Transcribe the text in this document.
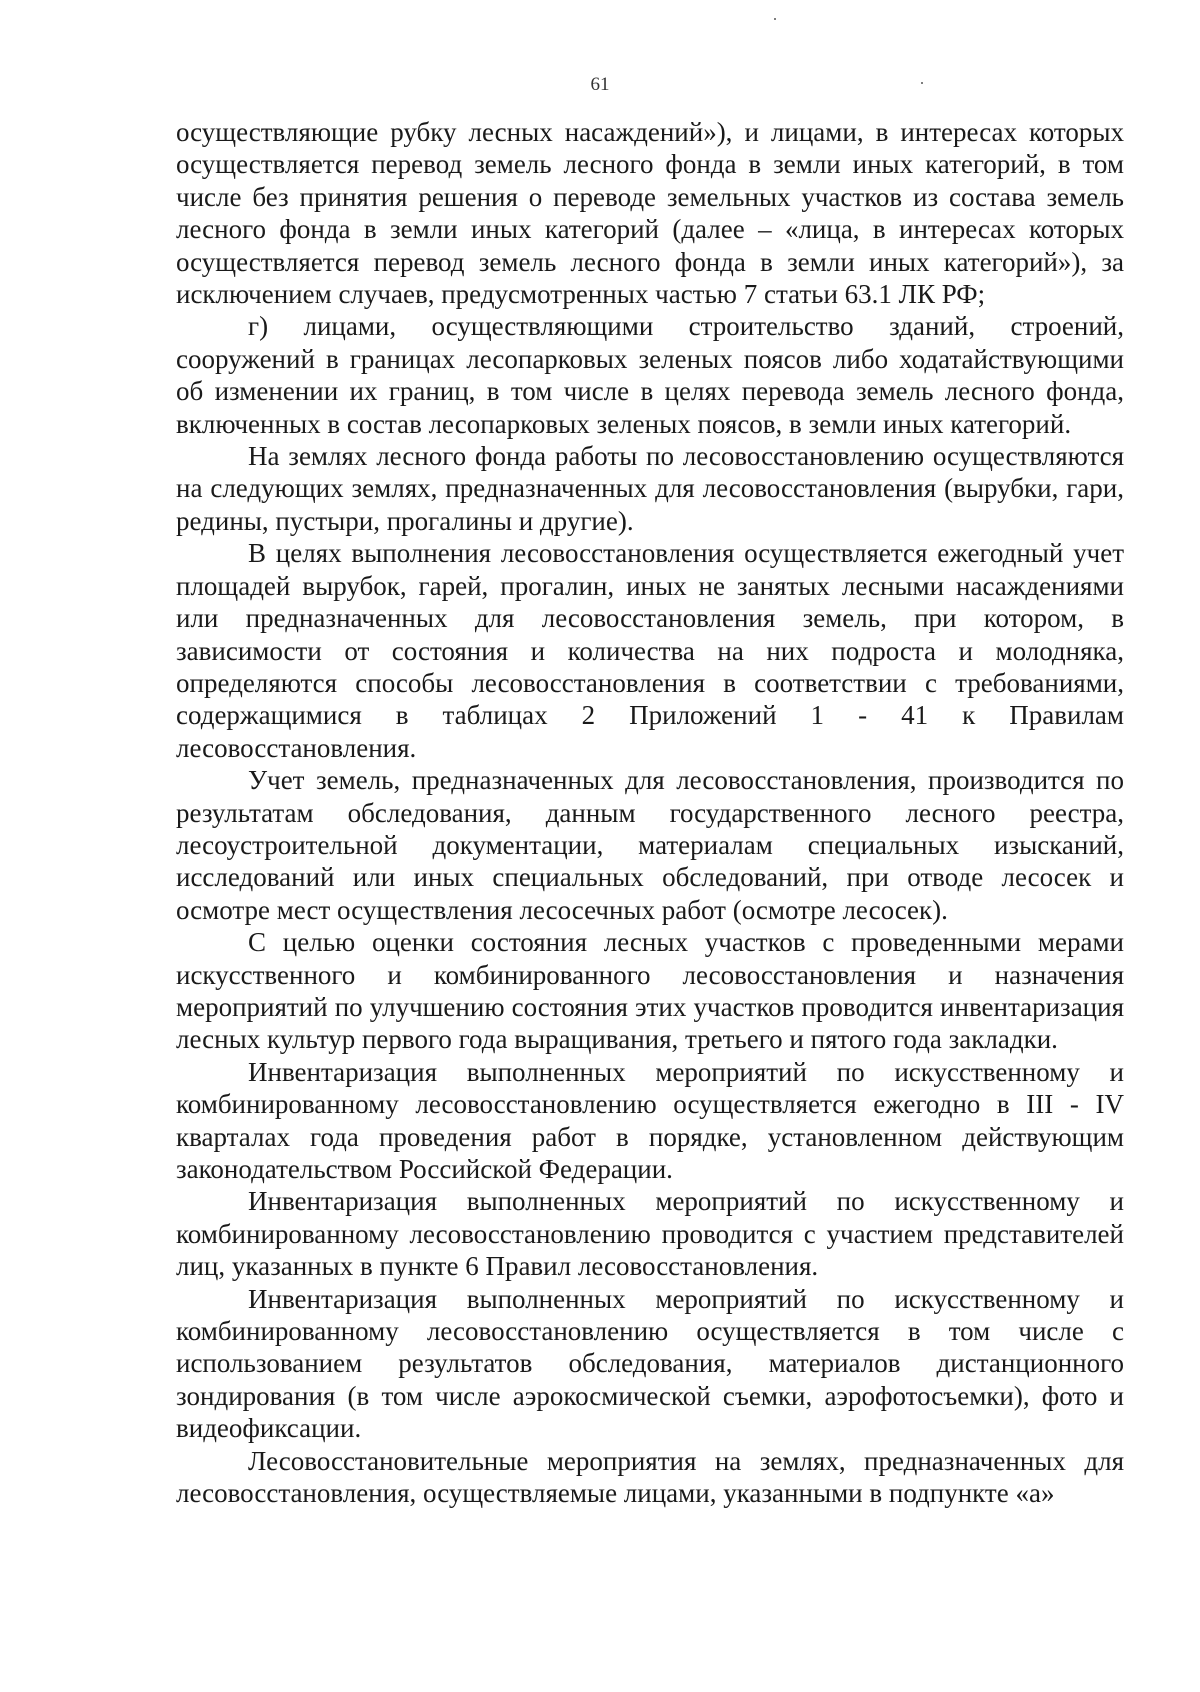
61

осуществляющие рубку лесных насаждений»), и лицами, в интересах которых осуществляется перевод земель лесного фонда в земли иных категорий, в том числе без принятия решения о переводе земельных участков из состава земель лесного фонда в земли иных категорий (далее – «лица, в интересах которых осуществляется перевод земель лесного фонда в земли иных категорий»), за исключением случаев, предусмотренных частью 7 статьи 63.1 ЛК РФ;

г) лицами, осуществляющими строительство зданий, строений, сооружений в границах лесопарковых зеленых поясов либо ходатайствующими об изменении их границ, в том числе в целях перевода земель лесного фонда, включенных в состав лесопарковых зеленых поясов, в земли иных категорий.

На землях лесного фонда работы по лесовосстановлению осуществляются на следующих землях, предназначенных для лесовосстановления (вырубки, гари, редины, пустыри, прогалины и другие).

В целях выполнения лесовосстановления осуществляется ежегодный учет площадей вырубок, гарей, прогалин, иных не занятых лесными насаждениями или предназначенных для лесовосстановления земель, при котором, в зависимости от состояния и количества на них подроста и молодняка, определяются способы лесовосстановления в соответствии с требованиями, содержащимися в таблицах 2 Приложений 1 - 41 к Правилам лесовосстановления.

Учет земель, предназначенных для лесовосстановления, производится по результатам обследования, данным государственного лесного реестра, лесоустроительной документации, материалам специальных изысканий, исследований или иных специальных обследований, при отводе лесосек и осмотре мест осуществления лесосечных работ (осмотре лесосек).

С целью оценки состояния лесных участков с проведенными мерами искусственного и комбинированного лесовосстановления и назначения мероприятий по улучшению состояния этих участков проводится инвентаризация лесных культур первого года выращивания, третьего и пятого года закладки.

Инвентаризация выполненных мероприятий по искусственному и комбинированному лесовосстановлению осуществляется ежегодно в III - IV кварталах года проведения работ в порядке, установленном действующим законодательством Российской Федерации.

Инвентаризация выполненных мероприятий по искусственному и комбинированному лесовосстановлению проводится с участием представителей лиц, указанных в пункте 6 Правил лесовосстановления.

Инвентаризация выполненных мероприятий по искусственному и комбинированному лесовосстановлению осуществляется в том числе с использованием результатов обследования, материалов дистанционного зондирования (в том числе аэрокосмической съемки, аэрофотосъемки), фото и видеофиксации.

Лесовосстановительные мероприятия на землях, предназначенных для лесовосстановления, осуществляемые лицами, указанными в подпункте «а»
